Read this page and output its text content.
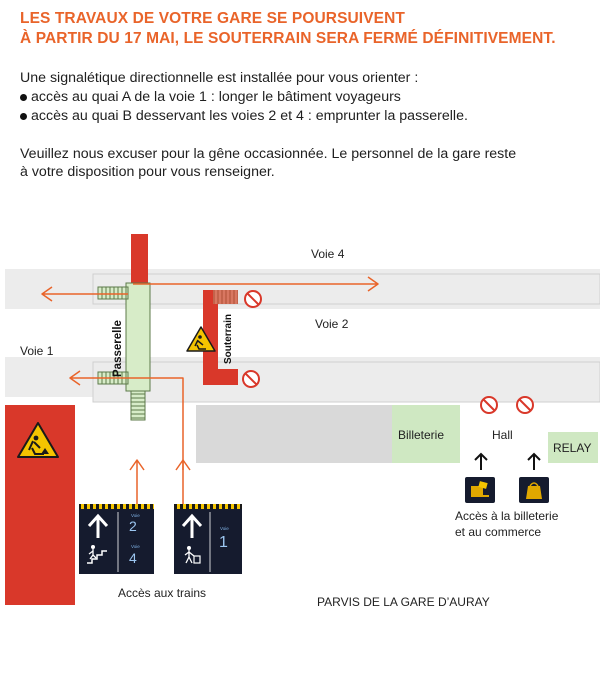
LES TRAVAUX DE VOTRE GARE SE POURSUIVENT
À PARTIR DU 17 MAI, LE SOUTERRAIN SERA FERMÉ DÉFINITIVEMENT.
Une signalétique directionnelle est installée pour vous orienter :
accès au quai A de la voie 1 : longer le bâtiment voyageurs
accès au quai B desservant les voies 2 et 4 : emprunter la passerelle.
Veuillez nous excuser pour la gêne occasionnée. Le personnel de la gare reste
à votre disposition pour vous renseigner.
Voie 4
Voie 2
Voie 1	Passerelle	Souterrain
Billeterie	Hall
RELAY
Voie
2
Voie
4
Voie
1
Accès à la billeterie
et au commerce
Accès aux trains
PARVIS DE LA GARE D’AURAY
